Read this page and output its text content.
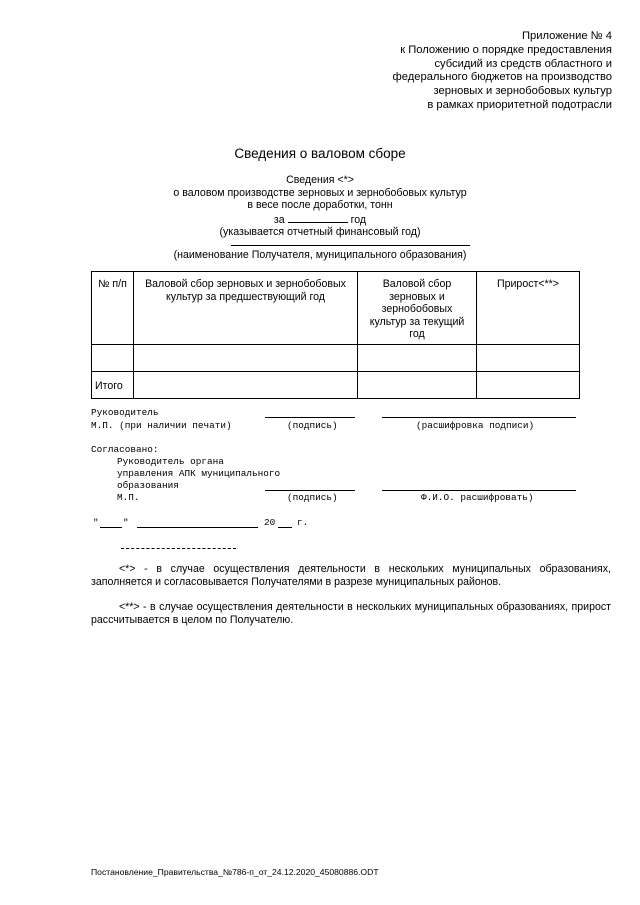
Приложение № 4
к Положению о порядке предоставления
субсидий из средств областного и
федерального бюджетов на производство
зерновых и зернобобовых культур
в рамках приоритетной подотрасли
Сведения о валовом сборе
Сведения <*>
о валовом производстве зерновых и зернобобовых культур
в весе после доработки, тонн
за	год
(указывается отчетный финансовый год)
(наименование Получателя, муниципального образования)
№ п/п	Валовой сбор зерновых и зернобобовых культур за предшествующий год	Валовой сбор зерновых и зернобобовых культур за текущий год	Прирост<**>

Итого			
Руководитель
М.П. (при наличии печати)	(подпись)	(расшифровка подписи)
Согласовано:
Руководитель органа
управления АПК муниципального
образования
М.П.	(подпись)	Ф.И.О. расшифровать)
"	"	20 г.
<*> - в случае осуществления деятельности в нескольких муниципальных образованиях, заполняется и согласовывается Получателями в разрезе муниципальных районов.
<**> - в случае осуществления деятельности в нескольких муниципальных образованиях, прирост рассчитывается в целом по Получателю.
Постановление_Правительства_№786-п_от_24.12.2020_45080886.ODT
